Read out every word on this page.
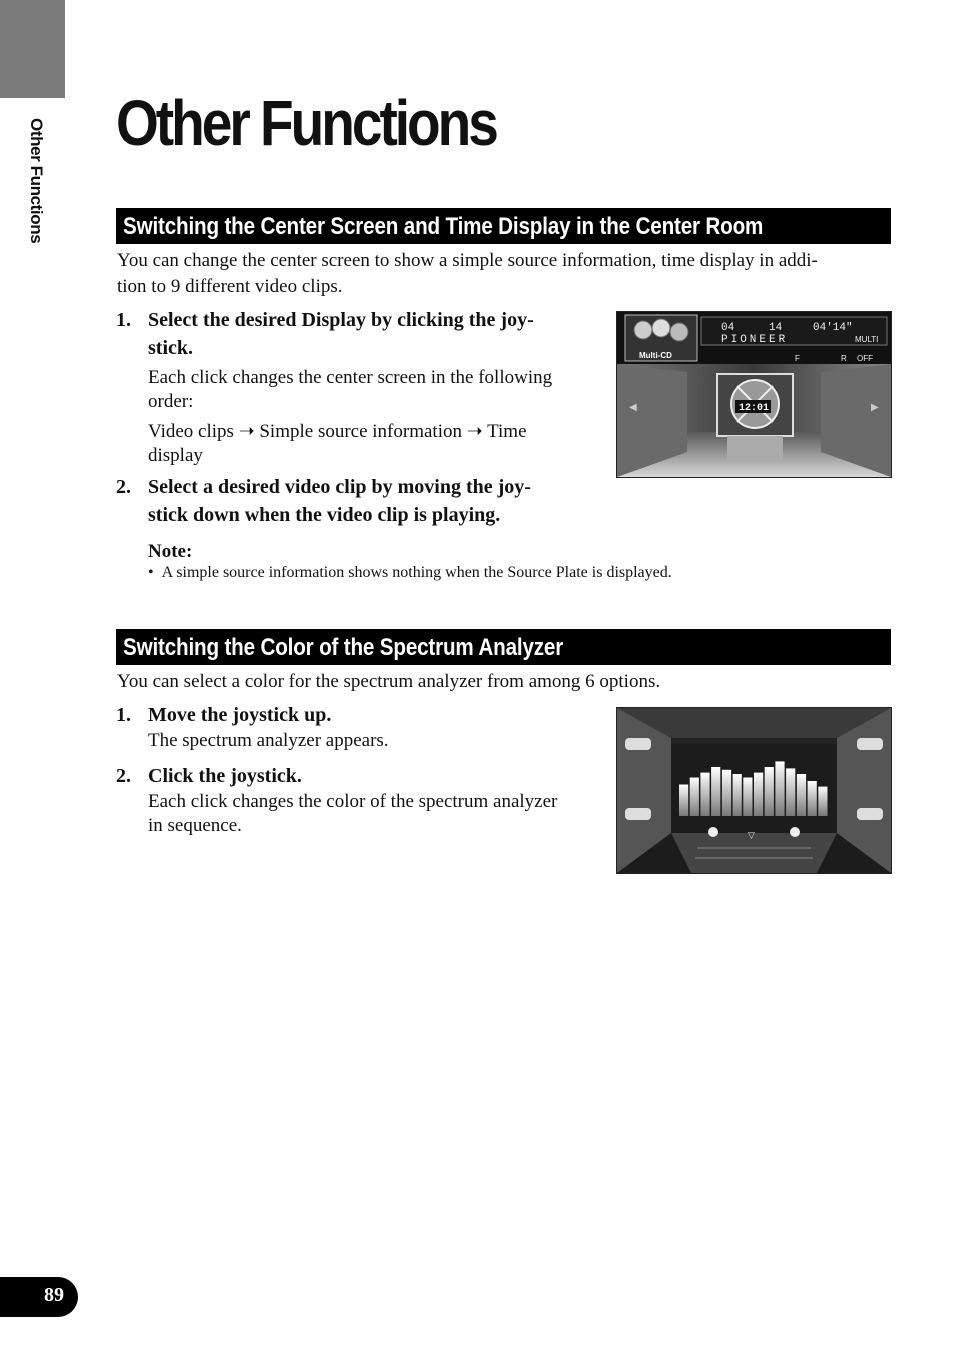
Other Functions Other Functions
Switching the Center Screen and Time Display in the Center Room
You can change the center screen to show a simple source information, time display in addi-
tion to 9 different video clips.
1. Select the desired Display by clicking the joy-
stick.
Each click changes the center screen in the following
order:
Video clips ➝ Simple source information ➝ Time
display
2. Select a desired video clip by moving the joy-
stick down when the video clip is playing.
Note:
• A simple source information shows nothing when the Source Plate is displayed.
Multi-CD
04	14	04'14"
PIONEER	MULTI
F	R OFF
◀	▶
12:01
Switching the Color of the Spectrum Analyzer
You can select a color for the spectrum analyzer from among 6 options.
1. Move the joystick up.
The spectrum analyzer appears.
2. Click the joystick.
Each click changes the color of the spectrum analyzer
in sequence.	▽
89
